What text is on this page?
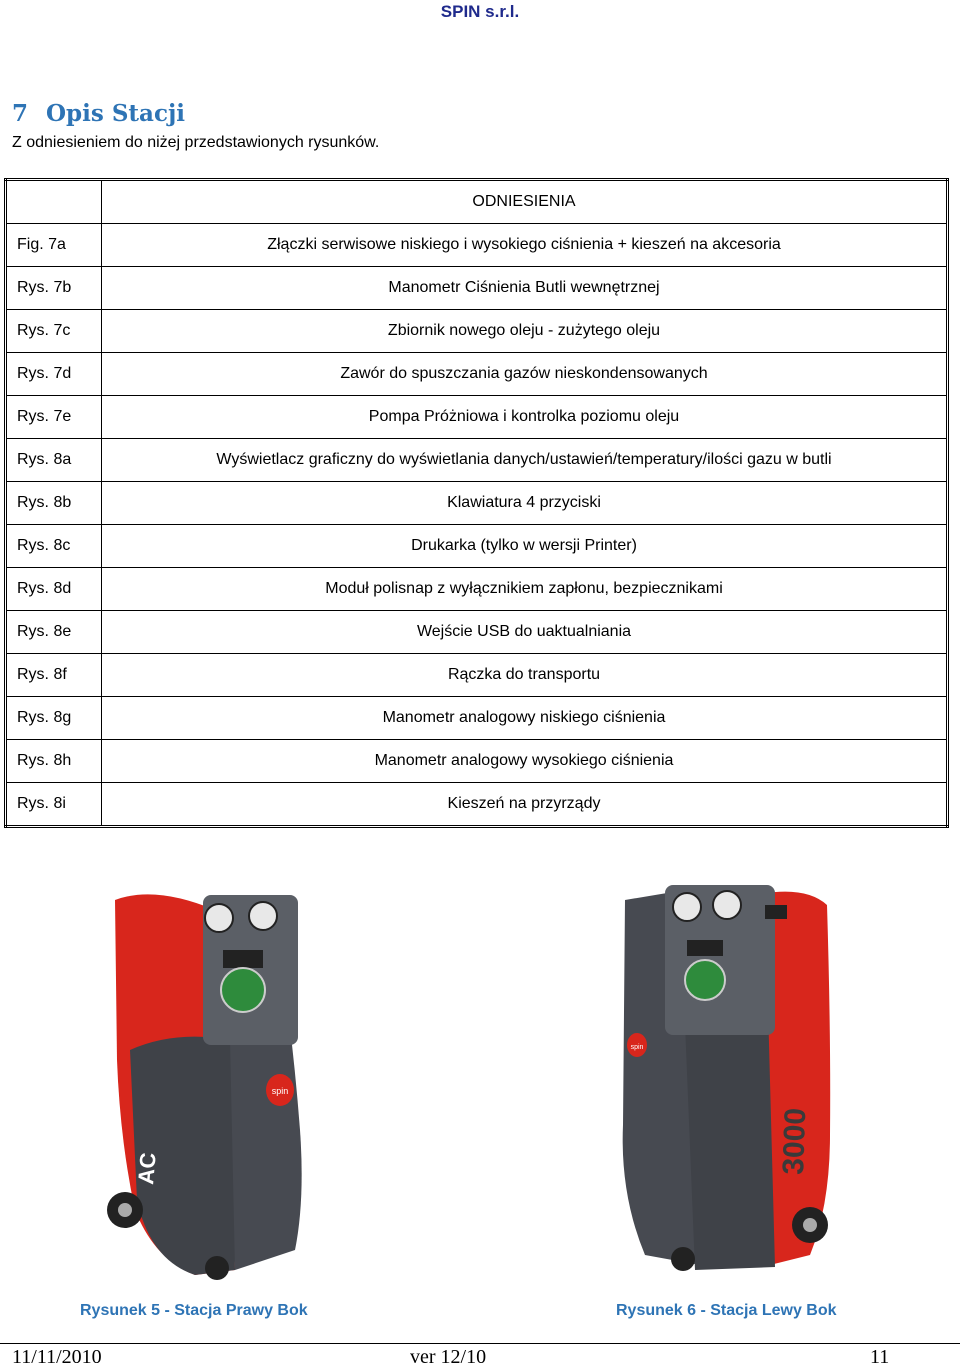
SPIN s.r.l.
7 Opis Stacji
Z odniesieniem do niżej przedstawionych rysunków.
	ODNIESIENIA
Fig. 7a	Złączki serwisowe niskiego i wysokiego ciśnienia + kieszeń na akcesoria
Rys. 7b	Manometr Ciśnienia Butli wewnętrznej
Rys. 7c	Zbiornik nowego oleju - zużytego oleju
Rys. 7d	Zawór do spuszczania gazów nieskondensowanych
Rys. 7e	Pompa Próżniowa i kontrolka poziomu oleju
Rys. 8a	Wyświetlacz graficzny do wyświetlania danych/ustawień/temperatury/ilości gazu w butli
Rys. 8b	Klawiatura 4 przyciski
Rys. 8c	Drukarka (tylko w wersji Printer)
Rys. 8d	Moduł polisnap z wyłącznikiem zapłonu, bezpiecznikami
Rys. 8e	Wejście USB do uaktualniania
Rys. 8f	Rączka do transportu
Rys. 8g	Manometr analogowy niskiego ciśnienia
Rys. 8h	Manometr analogowy wysokiego ciśnienia
Rys. 8i	Kieszeń na przyrządy
spin
AC
spin
3000
Rysunek 5 - Stacja Prawy Bok	Rysunek 6 - Stacja Lewy Bok
11/11/2010	ver 12/10	11
